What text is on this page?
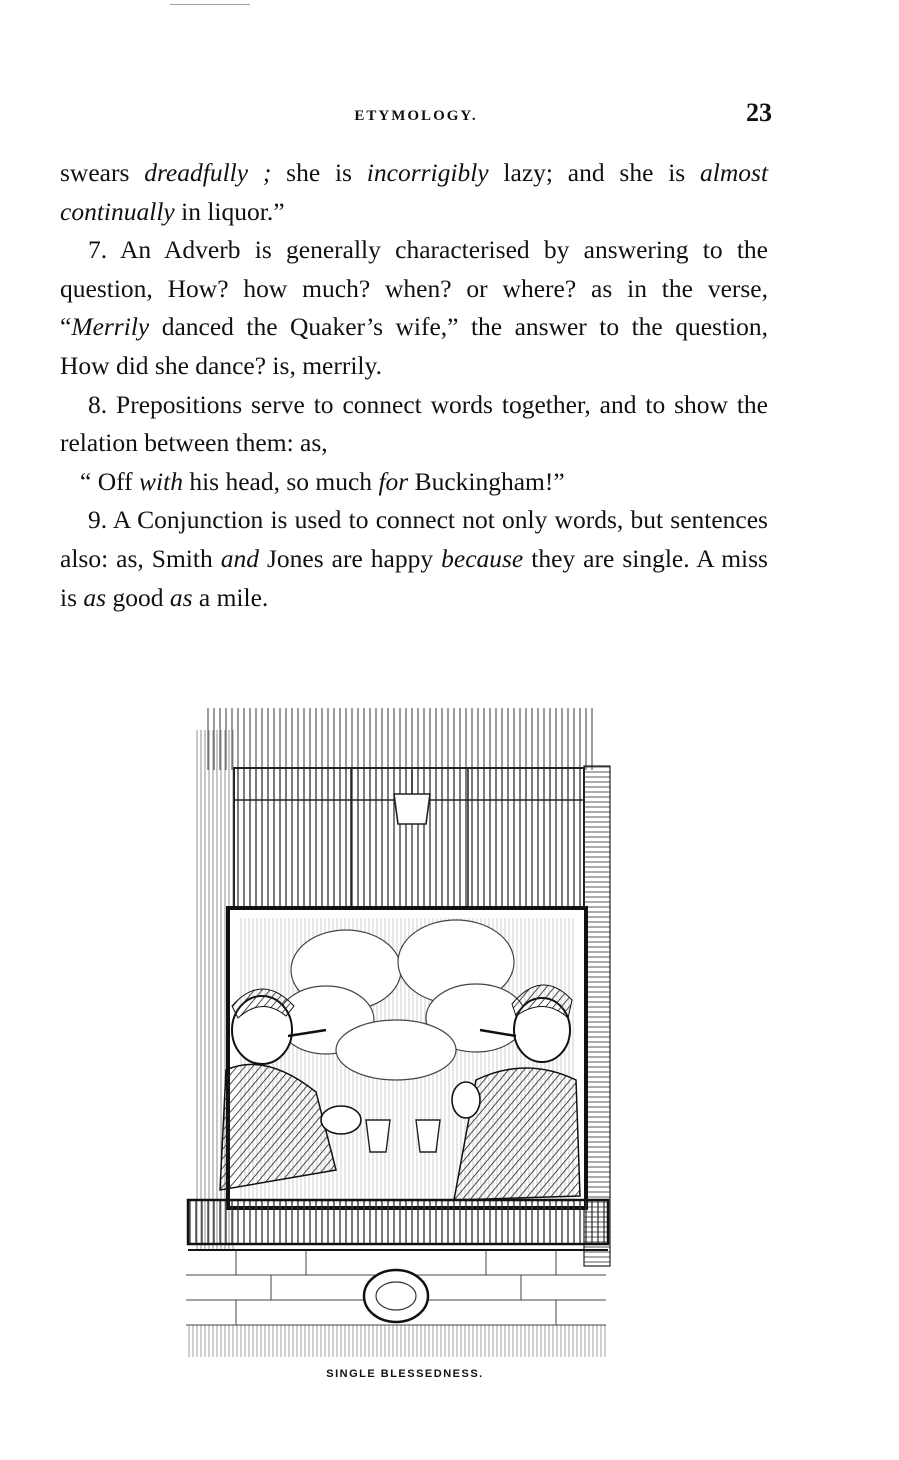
ETYMOLOGY.	23

swears dreadfully ; she is incorrigibly lazy; and she is almost continually in liquor.”

7. An Adverb is generally characterised by answering to the question, How? how much? when? or where? as in the verse, “Merrily danced the Quaker’s wife,” the answer to the question, How did she dance? is, merrily.

8. Prepositions serve to connect words together, and to show the relation between them: as,

“ Off with his head, so much for Buckingham!”

9. A Conjunction is used to connect not only words, but sentences also: as, Smith and Jones are happy because they are single. A miss is as good as a mile.

SINGLE BLESSEDNESS.
